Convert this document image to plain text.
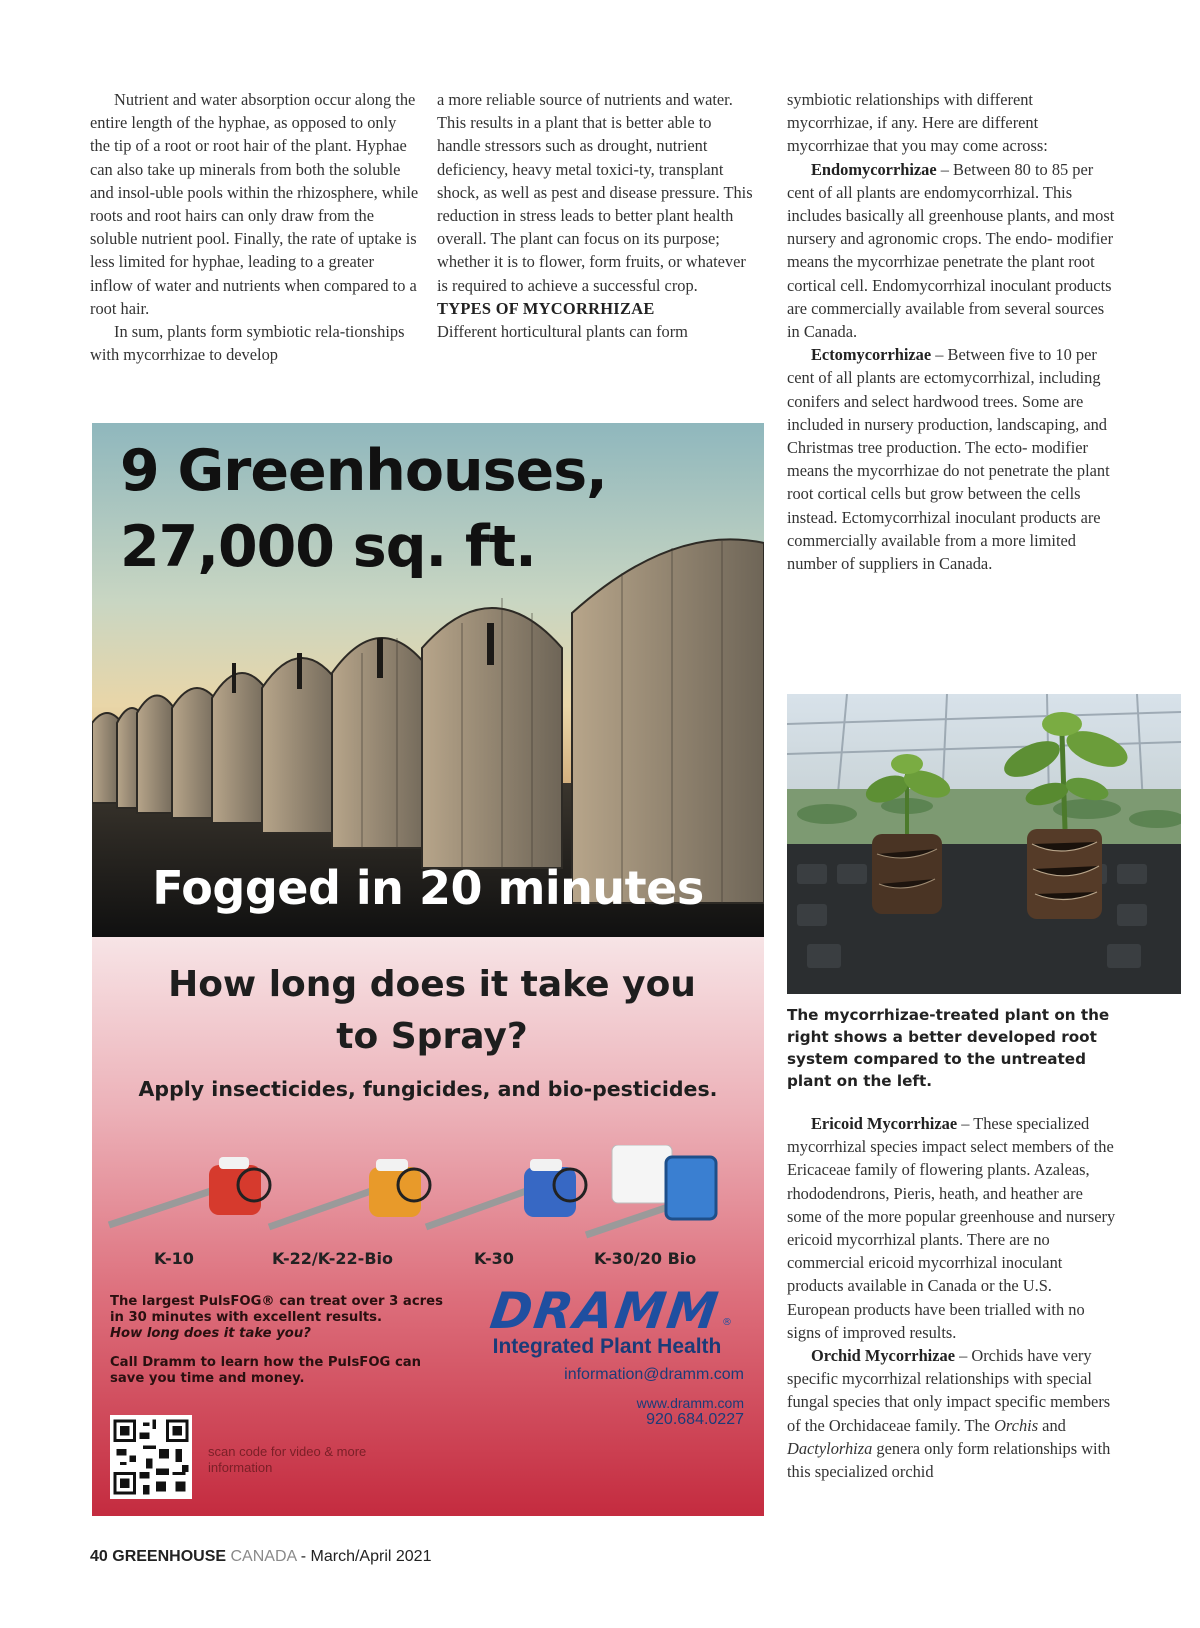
Nutrient and water absorption occur along the entire length of the hyphae, as opposed to only the tip of a root or root hair of the plant. Hyphae can also take up minerals from both the soluble and insol-uble pools within the rhizosphere, while roots and root hairs can only draw from the soluble nutrient pool. Finally, the rate of uptake is less limited for hyphae, leading to a greater inflow of water and nutrients when compared to a root hair.

In sum, plants form symbiotic rela-tionships with mycorrhizae to develop

a more reliable source of nutrients and water. This results in a plant that is better able to handle stressors such as drought, nutrient deficiency, heavy metal toxici-ty, transplant shock, as well as pest and disease pressure. This reduction in stress leads to better plant health overall. The plant can focus on its purpose; whether it is to flower, form fruits, or whatever is required to achieve a successful crop.

TYPES OF MYCORRHIZAE

Different horticultural plants can form

symbiotic relationships with different mycorrhizae, if any. Here are different mycorrhizae that you may come across:

Endomycorrhizae – Between 80 to 85 per cent of all plants are endomycorrhizal. This includes basically all greenhouse plants, and most nursery and agronomic crops. The endo- modifier means the mycorrhizae penetrate the plant root cortical cell. Endomycorrhizal inoculant products are commercially available from several sources in Canada.

Ectomycorrhizae – Between five to 10 per cent of all plants are ectomycorrhizal, including conifers and select hardwood trees. Some are included in nursery production, landscaping, and Christmas tree production. The ecto- modifier means the mycorrhizae do not penetrate the plant root cortical cells but grow between the cells instead. Ectomycorrhizal inoculant products are commercially available from a more limited number of suppliers in Canada.

The mycorrhizae-treated plant on the right shows a better developed root system compared to the untreated plant on the left.

Ericoid Mycorrhizae – These specialized mycorrhizal species impact select members of the Ericaceae family of flowering plants. Azaleas, rhododendrons, Pieris, heath, and heather are some of the more popular greenhouse and nursery ericoid mycorrhizal plants. There are no commercial ericoid mycorrhizal inoculant products available in Canada or the U.S. European products have been trialled with no signs of improved results.

Orchid Mycorrhizae – Orchids have very specific mycorrhizal relationships with special fungal species that only impact specific members of the Orchidaceae family. The Orchis and Dactylorhiza genera only form relationships with this specialized orchid

9 Greenhouses,
27,000 sq. ft.
Fogged in 20 minutes
How long does it take you
to Spray?
Apply insecticides, fungicides, and bio-pesticides.
K-10	K-22/K-22-Bio	K-30	K-30/20 Bio
The largest PulsFOG® can treat over 3 acres in 30 minutes with excellent results.
How long does it take you?
Call Dramm to learn how the PulsFOG can save you time and money.
DRAMM
®
Integrated Plant Health
information@dramm.com
www.dramm.com
920.684.0227
scan code for video & more information
40 GREENHOUSE CANADA - March/April 2021
